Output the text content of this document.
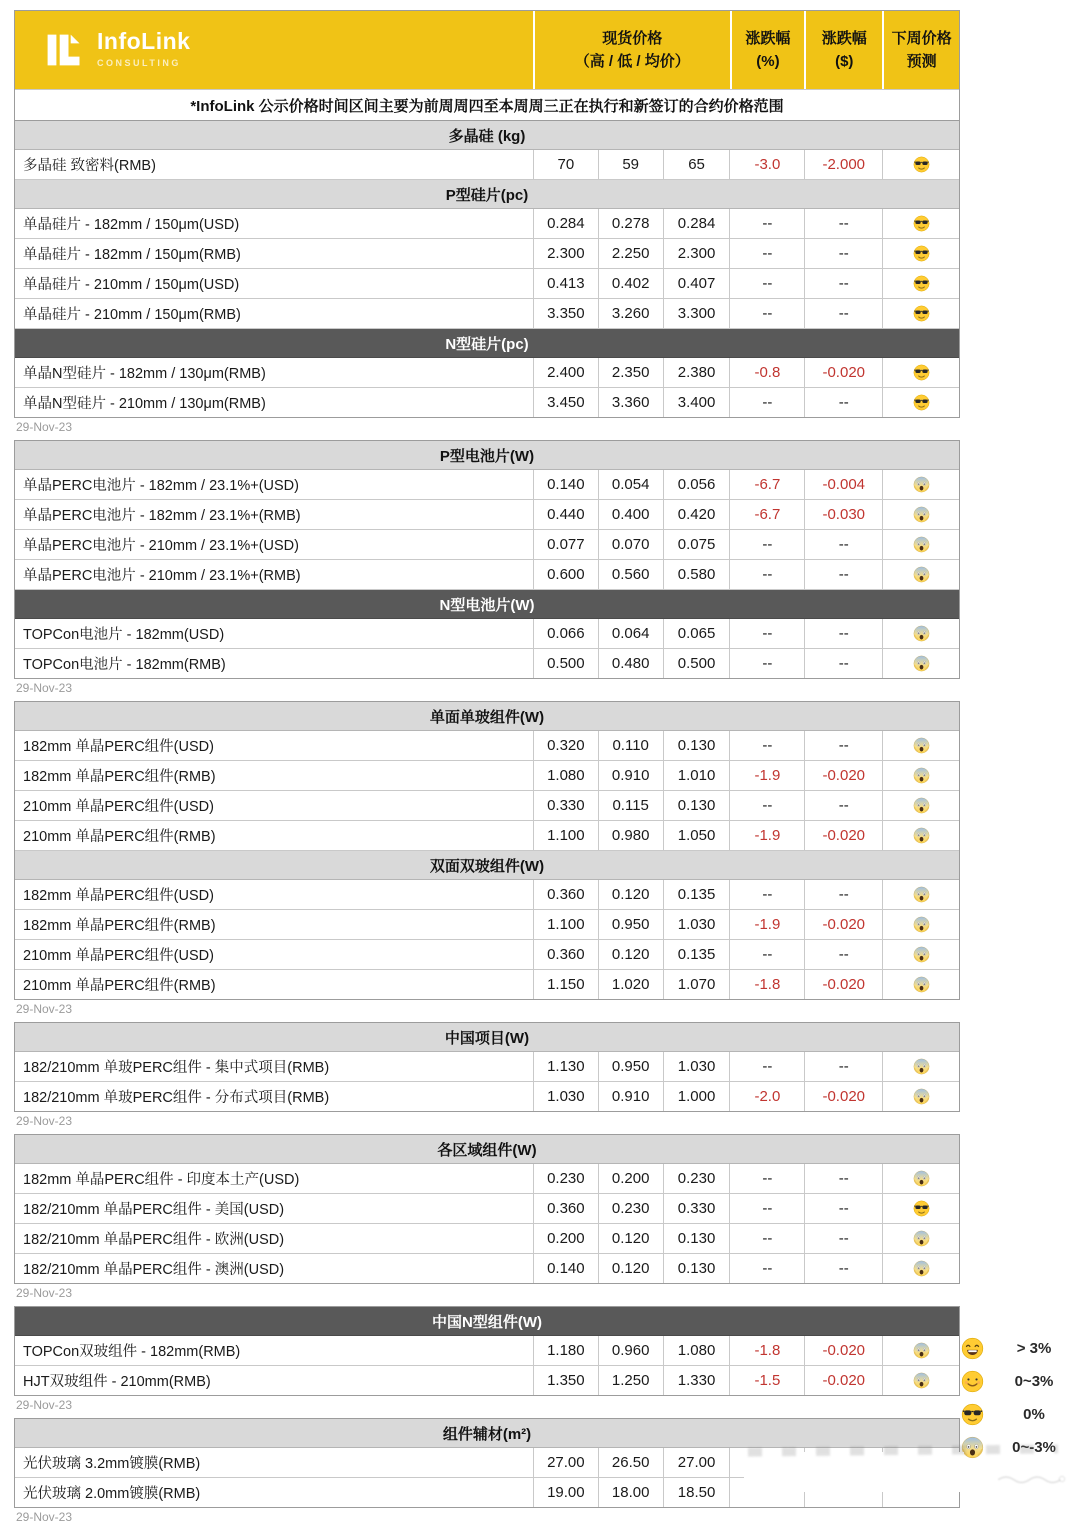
InfoLink
CONSULTING
现货价格
（高 / 低 / 均价）
涨跌幅
(%)
涨跌幅
($)
下周价格
预测
*InfoLink 公示价格时间区间主要为前周周四至本周周三正在执行和新签订的合约价格范围
多晶硅 (kg)
多晶硅 致密料(RMB)	70	59	65	-3.0	-2.000
P型硅片(pc)
单晶硅片 - 182mm / 150μm(USD)	0.284	0.278	0.284	--	--
单晶硅片 - 182mm / 150μm(RMB)	2.300	2.250	2.300	--	--
单晶硅片 - 210mm / 150μm(USD)	0.413	0.402	0.407	--	--
单晶硅片 - 210mm / 150μm(RMB)	3.350	3.260	3.300	--	--
N型硅片(pc)
单晶N型硅片 - 182mm / 130μm(RMB)	2.400	2.350	2.380	-0.8	-0.020
单晶N型硅片 - 210mm / 130μm(RMB)	3.450	3.360	3.400	--	--
29-Nov-23
P型电池片(W)
单晶PERC电池片 - 182mm / 23.1%+(USD)	0.140	0.054	0.056	-6.7	-0.004
单晶PERC电池片 - 182mm / 23.1%+(RMB)	0.440	0.400	0.420	-6.7	-0.030
单晶PERC电池片 - 210mm / 23.1%+(USD)	0.077	0.070	0.075	--	--
单晶PERC电池片 - 210mm / 23.1%+(RMB)	0.600	0.560	0.580	--	--
N型电池片(W)
TOPCon电池片 - 182mm(USD)	0.066	0.064	0.065	--	--
TOPCon电池片 - 182mm(RMB)	0.500	0.480	0.500	--	--
29-Nov-23
单面单玻组件(W)
182mm 单晶PERC组件(USD)	0.320	0.110	0.130	--	--
182mm 单晶PERC组件(RMB)	1.080	0.910	1.010	-1.9	-0.020
210mm 单晶PERC组件(USD)	0.330	0.115	0.130	--	--
210mm 单晶PERC组件(RMB)	1.100	0.980	1.050	-1.9	-0.020
双面双玻组件(W)
182mm 单晶PERC组件(USD)	0.360	0.120	0.135	--	--
182mm 单晶PERC组件(RMB)	1.100	0.950	1.030	-1.9	-0.020
210mm 单晶PERC组件(USD)	0.360	0.120	0.135	--	--
210mm 单晶PERC组件(RMB)	1.150	1.020	1.070	-1.8	-0.020
29-Nov-23
中国项目(W)
182/210mm 单玻PERC组件 - 集中式项目(RMB)	1.130	0.950	1.030	--	--
182/210mm 单玻PERC组件 - 分布式项目(RMB)	1.030	0.910	1.000	-2.0	-0.020
29-Nov-23
各区域组件(W)
182mm 单晶PERC组件 - 印度本土产(USD)	0.230	0.200	0.230	--	--
182/210mm 单晶PERC组件 - 美国(USD)	0.360	0.230	0.330	--	--
182/210mm 单晶PERC组件 - 欧洲(USD)	0.200	0.120	0.130	--	--
182/210mm 单晶PERC组件 - 澳洲(USD)	0.140	0.120	0.130	--	--
29-Nov-23
中国N型组件(W)
TOPCon双玻组件 - 182mm(RMB)	1.180	0.960	1.080	-1.8	-0.020
HJT双玻组件 - 210mm(RMB)	1.350	1.250	1.330	-1.5	-0.020
29-Nov-23
组件辅材(m²)
光伏玻璃 3.2mm镀膜(RMB)	27.00	26.50	27.00
光伏玻璃 2.0mm镀膜(RMB)	19.00	18.00	18.50
29-Nov-23
> 3%
0~3%
0%
0~-3%
